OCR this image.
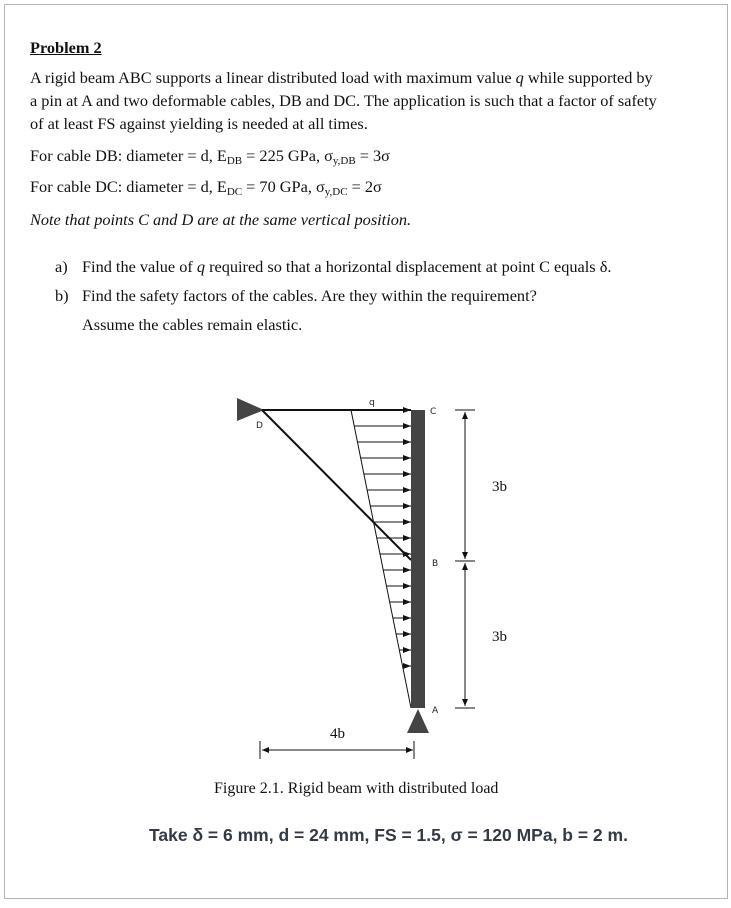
Problem 2
A rigid beam ABC supports a linear distributed load with maximum value q while supported by
a pin at A and two deformable cables, DB and DC. The application is such that a factor of safety
of at least FS against yielding is needed at all times.
For cable DB: diameter = d, $E_{DB} = 225$ GPa, $\sigma_{y,DB} = 3\sigma$
For cable DC: diameter = d, $E_{DC} = 70$ GPa, $\sigma_{y,DC} = 2\sigma$
Note that points C and D are at the same vertical position.
a) Find the value of q required so that a horizontal displacement at point C equals δ.
b) Find the safety factors of the cables. Are they within the requirement?
Assume the cables remain elastic.
q
C
D
B
A
3b
3b
4b
Figure 2.1. Rigid beam with distributed load
Take δ = 6 mm, d = 24 mm, FS = 1.5, σ = 120 MPa, b = 2 m.
